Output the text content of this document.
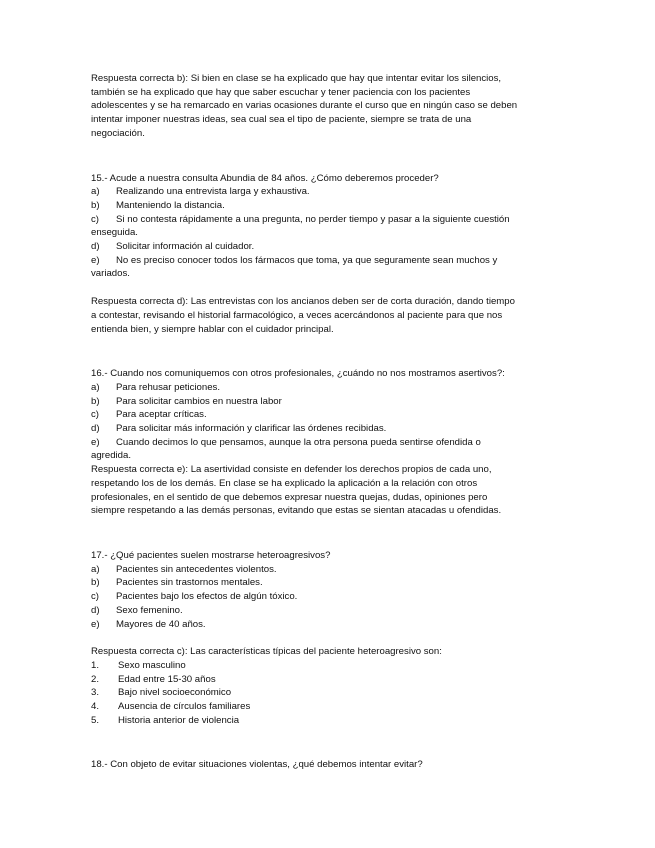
Respuesta correcta b): Si bien en clase se ha explicado que hay que intentar evitar los silencios,

también se ha explicado que hay que saber escuchar y tener paciencia con los pacientes

adolescentes y se ha remarcado en varias ocasiones durante el curso que en ningún caso se deben

intentar imponer nuestras ideas, sea cual sea el tipo de paciente, siempre se trata de una

negociación.

15.- Acude a nuestra consulta Abundia de 84 años. ¿Cómo deberemos proceder?

a)	Realizando una entrevista larga y exhaustiva.
b)	Manteniendo la distancia.
c)	Si no contesta rápidamente a una pregunta, no perder tiempo y pasar a la siguiente cuestión

enseguida.

d)	Solicitar información al cuidador.
e)	No es preciso conocer todos los fármacos que toma, ya que seguramente sean muchos y

variados.

Respuesta correcta d): Las entrevistas con los ancianos deben ser de corta duración, dando tiempo

a contestar, revisando el historial farmacológico, a veces acercándonos al paciente para que nos

entienda bien, y siempre hablar con el cuidador principal.

16.- Cuando nos comuniquemos con otros profesionales, ¿cuándo no nos mostramos asertivos?:

a)	Para rehusar peticiones.
b)	Para solicitar cambios en nuestra labor
c)	Para aceptar críticas.
d)	Para solicitar más información y clarificar las órdenes recibidas.
e)	Cuando decimos lo que pensamos, aunque la otra persona pueda sentirse ofendida o

agredida.

Respuesta correcta e): La asertividad consiste en defender los derechos propios de cada uno,

respetando los de los demás. En clase se ha explicado la aplicación a la relación con otros

profesionales, en el sentido de que debemos expresar nuestra quejas, dudas, opiniones pero

siempre respetando a las demás personas, evitando que estas se sientan atacadas u ofendidas.

17.- ¿Qué pacientes suelen mostrarse heteroagresivos?

a)	Pacientes sin antecedentes violentos.
b)	Pacientes sin trastornos mentales.
c)	Pacientes bajo los efectos de algún tóxico.
d)	Sexo femenino.
e)	Mayores de 40 años.

Respuesta correcta c): Las características típicas del paciente heteroagresivo son:

1.	Sexo masculino
2.	Edad entre 15-30 años
3.	Bajo nivel socioeconómico
4.	Ausencia de círculos familiares
5.	Historia anterior de violencia

18.- Con objeto de evitar situaciones violentas, ¿qué debemos intentar evitar?
